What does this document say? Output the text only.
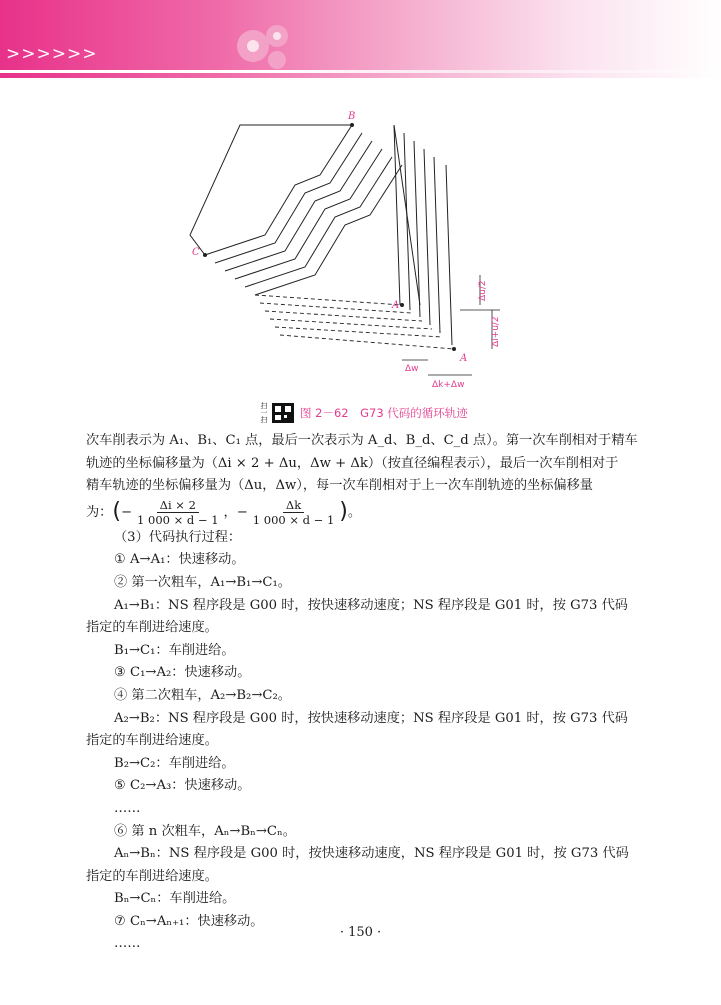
>>>>>>
B
C
A
A
Δw
Δk+Δw
Δu/2
Δi+u/2
扫一扫	图 2－62　G73 代码的循环轨迹

次车削表示为 A₁、B₁、C₁ 点，最后一次表示为 A_d、B_d、C_d 点）。第一次车削相对于精车

轨迹的坐标偏移量为（Δi × 2 + Δu，Δw + Δk）（按直径编程表示），最后一次车削相对于

精车轨迹的坐标偏移量为（Δu，Δw），每一次车削相对于上一次车削轨迹的坐标偏移量

为：(− $\frac{\Delta i \times 2}{1 000 \times d - 1}$ ，− $\frac{\Delta k}{1 000 \times d - 1}$ )。

（3）代码执行过程：

① A→A₁：快速移动。

② 第一次粗车，A₁→B₁→C₁。

A₁→B₁：NS 程序段是 G00 时，按快速移动速度；NS 程序段是 G01 时，按 G73 代码

指定的车削进给速度。

B₁→C₁：车削进给。

③ C₁→A₂：快速移动。

④ 第二次粗车，A₂→B₂→C₂。

A₂→B₂：NS 程序段是 G00 时，按快速移动速度；NS 程序段是 G01 时，按 G73 代码

指定的车削进给速度。

B₂→C₂：车削进给。

⑤ C₂→A₃：快速移动。

……

⑥ 第 n 次粗车，Aₙ→Bₙ→Cₙ。

Aₙ→Bₙ：NS 程序段是 G00 时，按快速移动速度，NS 程序段是 G01 时，按 G73 代码

指定的车削进给速度。

Bₙ→Cₙ：车削进给。

⑦ Cₙ→Aₙ₊₁：快速移动。

……

· 150 ·
